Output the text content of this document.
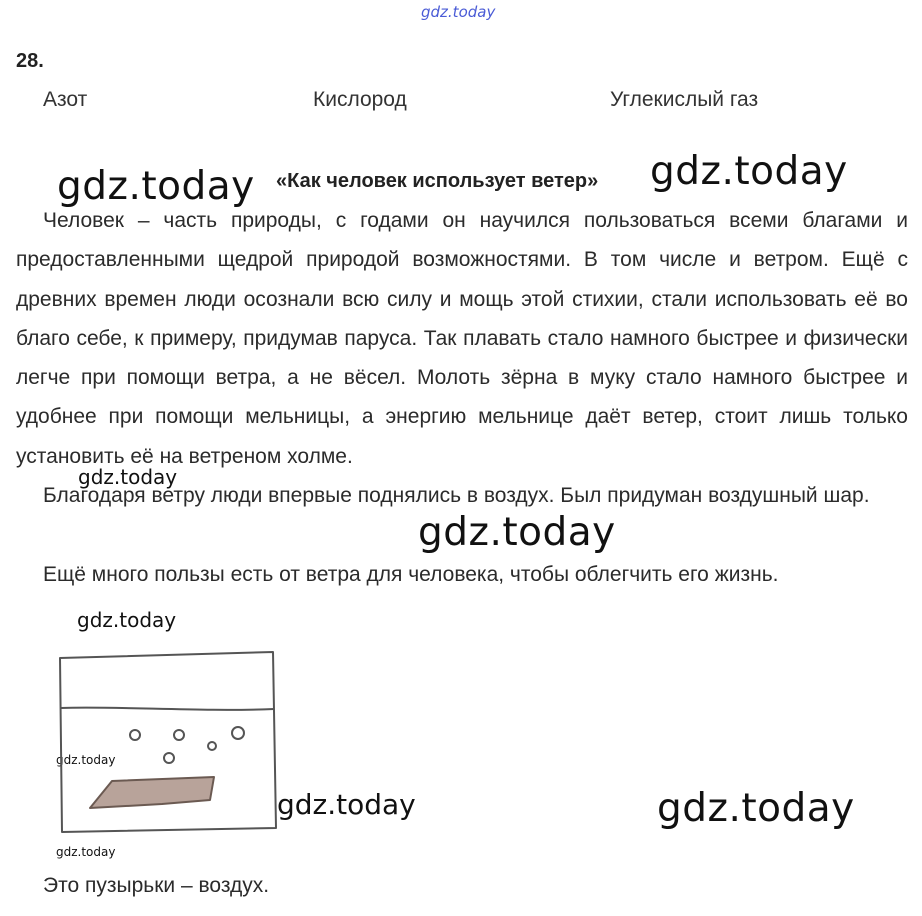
gdz.today
gdz.today	gdz.today
gdz.today
gdz.today
gdz.today
gdz.today
gdz.today	gdz.today
gdz.today
28.
Азот	Кислород	Углекислый газ
«Как человек использует ветер»
Человек – часть природы, с годами он научился пользоваться всеми благами и предоставленными щедрой природой возможностями. В том числе и ветром. Ещё с древних времен люди осознали всю силу и мощь этой стихии, стали использовать её во благо себе, к примеру, придумав паруса. Так плавать стало намного быстрее и физически легче при помощи ветра, а не вёсел. Молоть зёрна в муку стало намного быстрее и удобнее при помощи мельницы, а энергию мельнице даёт ветер, стоит лишь только установить её на ветреном холме.
Благодаря ветру люди впервые поднялись в воздух. Был придуман воздушный шар.
Ещё много пользы есть от ветра для человека, чтобы облегчить его жизнь.
Это пузырьки – воздух.
